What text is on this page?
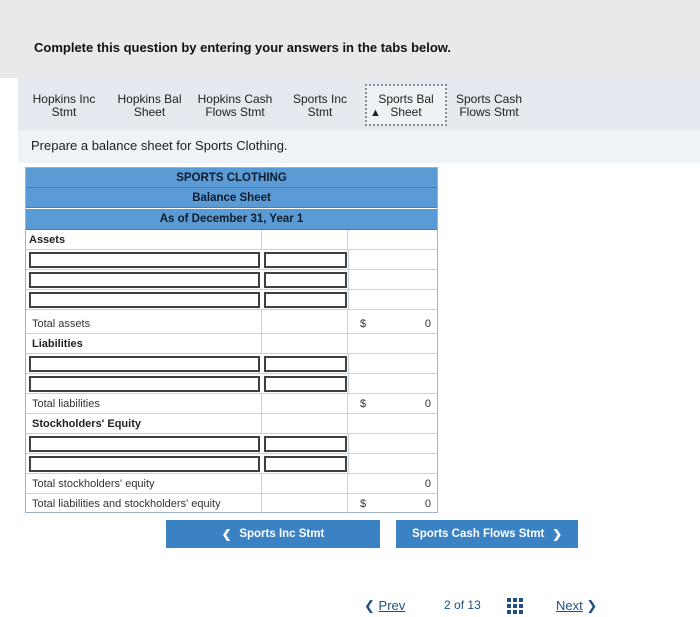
Complete this question by entering your answers in the tabs below.
Hopkins Inc
Stmt
Hopkins Bal
Sheet
Hopkins Cash
Flows Stmt
Sports Inc
Stmt
Sports Bal
Sheet
▲
Sports Cash
Flows Stmt
Prepare a balance sheet for Sports Clothing.
SPORTS CLOTHING
Balance Sheet
As of December 31, Year 1
Assets
Total assets	$	0
Liabilities
Total liabilities	$	0
Stockholders' Equity
Total stockholders' equity	0
Total liabilities and stockholders' equity	$	0
❮ Sports Inc Stmt	Sports Cash Flows Stmt ❯
❮ Prev	2 of 13	Next ❯
